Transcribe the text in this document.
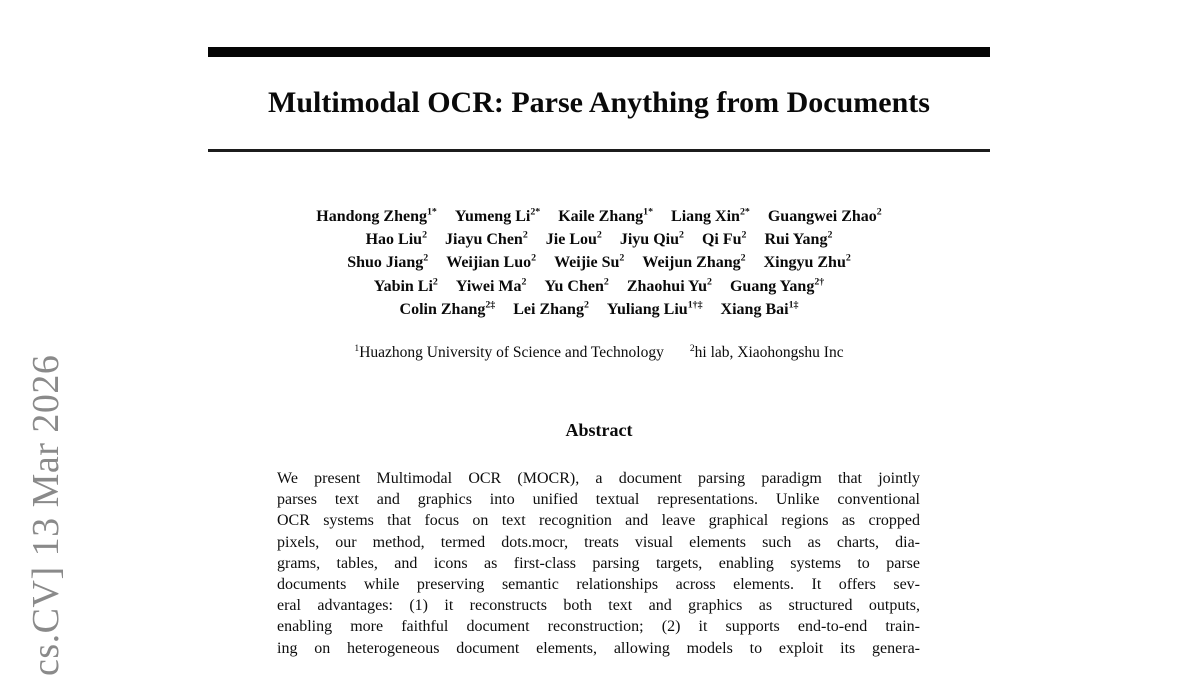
cs.CV] 13 Mar 2026
Multimodal OCR: Parse Anything from Documents
Handong Zheng$^{1*}$ Yumeng $Li^{2*}$ Kaile Zhang$^{1*}$ Liang Xin$^{2*}$ Guangwei Zhao$^2$
Hao Liu$^2$ Jiayu Chen$^2$ Jie Lou$^2$ Jiyu Qiu$^2$ Qi Fu$^2$ Rui Yang$^2$
Shuo Jiang$^2$ Weijian Luo$^2$ Weijie Su$^2$ Weijun Zhang$^2$ Xingyu Zhu$^2$
Yabin Li$^2$ Yiwei Ma$^2$ Yu Chen$^2$ Zhaohui Yu$^2$ Guang Yang$^{2\dagger}$
Colin Zhang$^{2\ddagger}$ Lei Zhang$^2$ Yuliang Liu$^{1\dagger\ddagger}$ Xiang Bai$^{1\ddagger}$
$^1$Huazhong University of Science and Technology	$^2$hi lab, Xiaohongshu Inc
Abstract
We present Multimodal OCR (MOCR), a document parsing paradigm that jointly
parses text and graphics into unified textual representations. Unlike conventional
OCR systems that focus on text recognition and leave graphical regions as cropped
pixels, our method, termed dots.mocr, treats visual elements such as charts, dia-
grams, tables, and icons as first-class parsing targets, enabling systems to parse
documents while preserving semantic relationships across elements. It offers sev-
eral advantages: (1) it reconstructs both text and graphics as structured outputs,
enabling more faithful document reconstruction; (2) it supports end-to-end train-
ing on heterogeneous document elements, allowing models to exploit its genera-
